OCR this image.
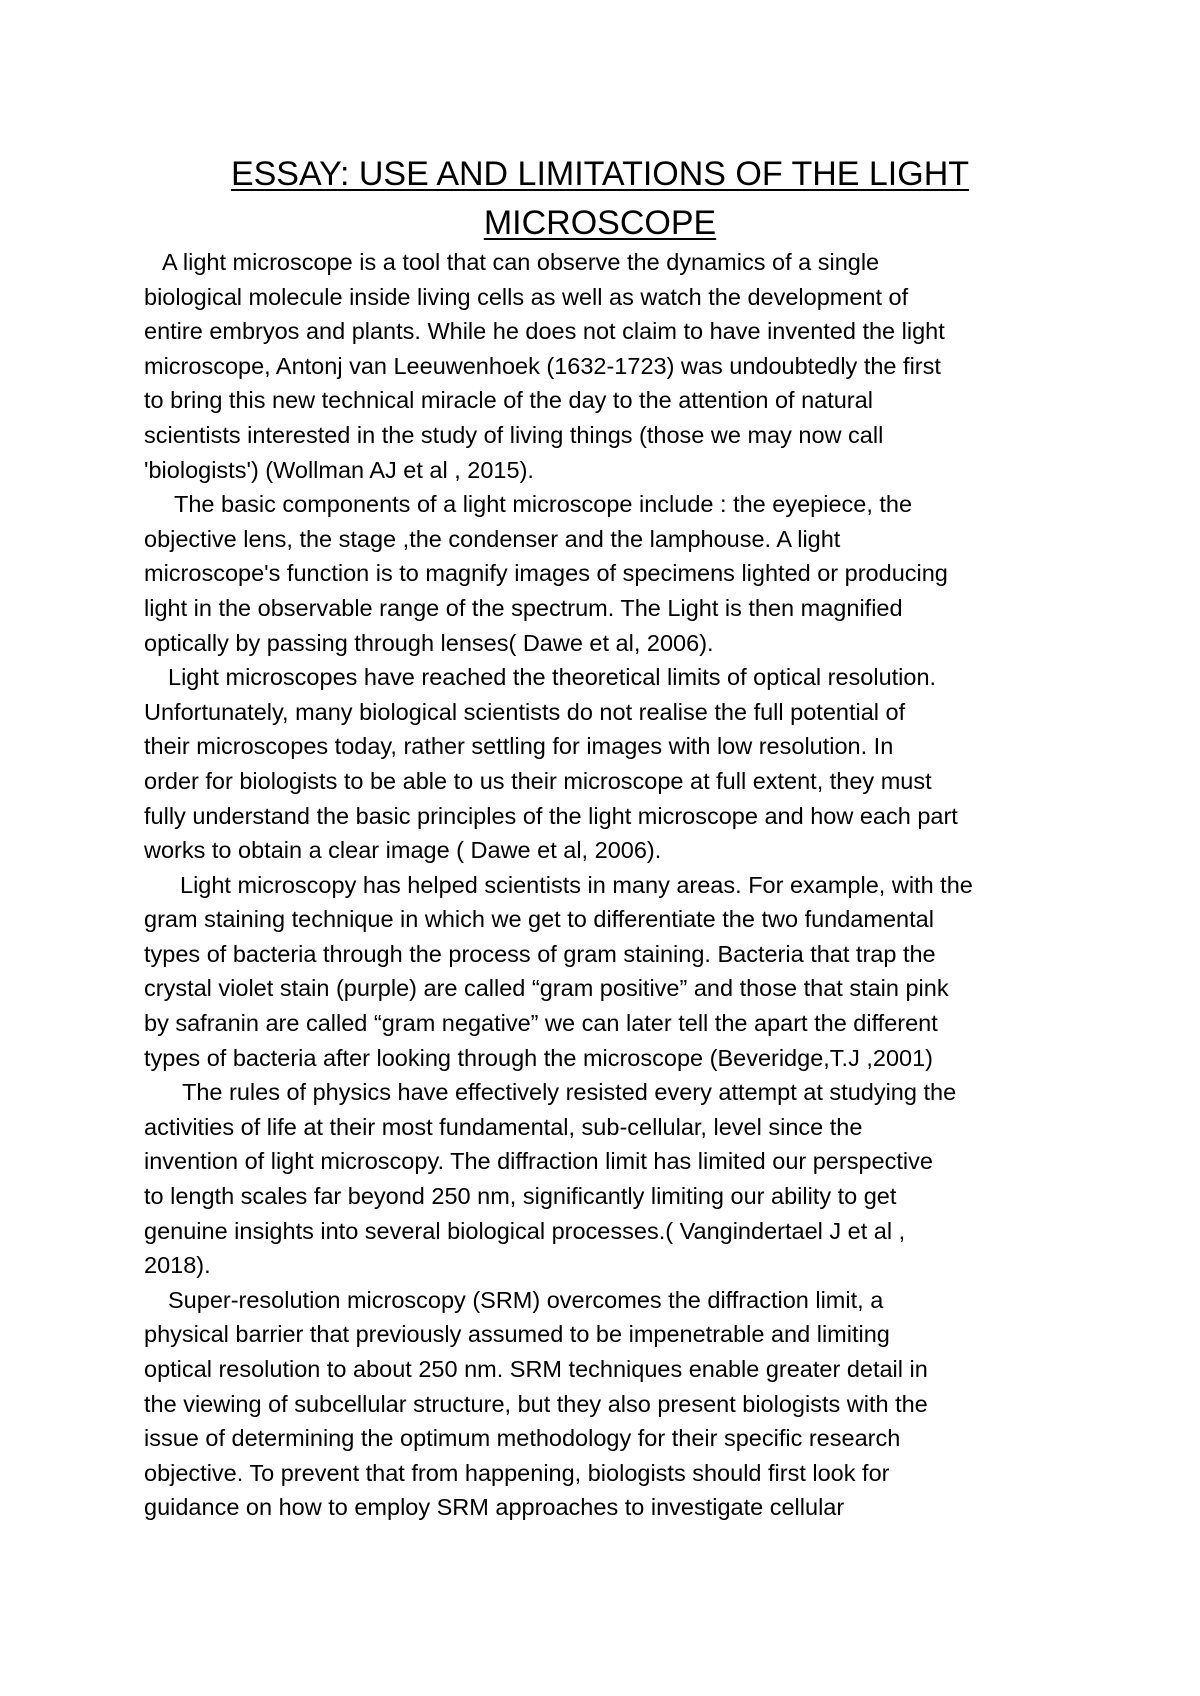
ESSAY: USE AND LIMITATIONS OF THE LIGHT
MICROSCOPE
A light microscope is a tool that can observe the dynamics of a single
biological molecule inside living cells as well as watch the development of
entire embryos and plants. While he does not claim to have invented the light
microscope, Antonj van Leeuwenhoek (1632-1723) was undoubtedly the first
to bring this new technical miracle of the day to the attention of natural
scientists interested in the study of living things (those we may now call
'biologists') (Wollman AJ et al , 2015).
The basic components of a light microscope include : the eyepiece, the
objective lens, the stage ,the condenser and the lamphouse. A light
microscope's function is to magnify images of specimens lighted or producing
light in the observable range of the spectrum. The Light is then magnified
optically by passing through lenses( Dawe et al, 2006).
Light microscopes have reached the theoretical limits of optical resolution.
Unfortunately, many biological scientists do not realise the full potential of
their microscopes today, rather settling for images with low resolution. In
order for biologists to be able to us their microscope at full extent, they must
fully understand the basic principles of the light microscope and how each part
works to obtain a clear image ( Dawe et al, 2006).
Light microscopy has helped scientists in many areas. For example, with the
gram staining technique in which we get to differentiate the two fundamental
types of bacteria through the process of gram staining. Bacteria that trap the
crystal violet stain (purple) are called “gram positive” and those that stain pink
by safranin are called “gram negative” we can later tell the apart the different
types of bacteria after looking through the microscope (Beveridge,T.J ,2001)
The rules of physics have effectively resisted every attempt at studying the
activities of life at their most fundamental, sub-cellular, level since the
invention of light microscopy. The diffraction limit has limited our perspective
to length scales far beyond 250 nm, significantly limiting our ability to get
genuine insights into several biological processes.( Vangindertael J et al ,
2018).
Super-resolution microscopy (SRM) overcomes the diffraction limit, a
physical barrier that previously assumed to be impenetrable and limiting
optical resolution to about 250 nm. SRM techniques enable greater detail in
the viewing of subcellular structure, but they also present biologists with the
issue of determining the optimum methodology for their specific research
objective. To prevent that from happening, biologists should first look for
guidance on how to employ SRM approaches to investigate cellular
